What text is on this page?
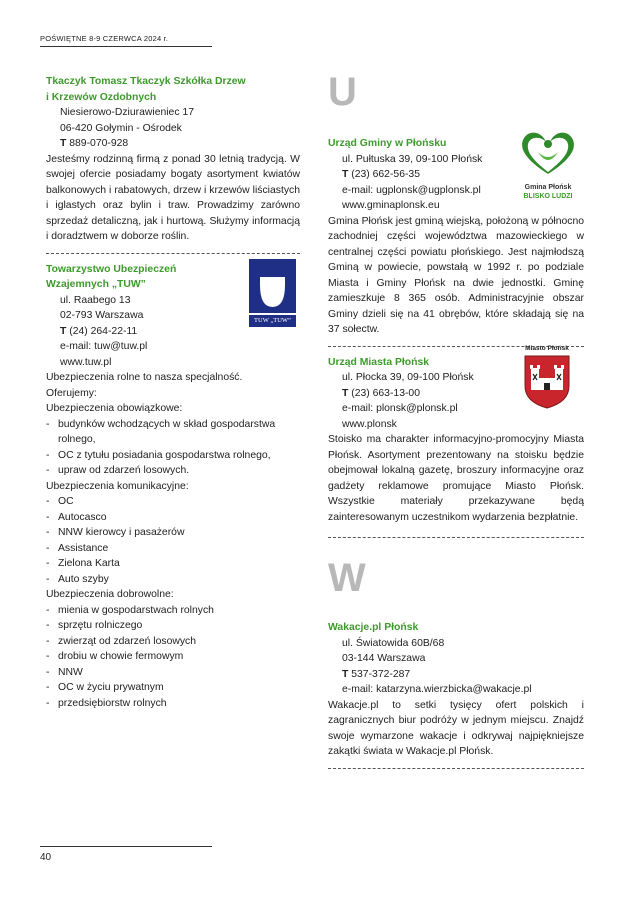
POŚWIĘTNE 8-9 CZERWCA 2024 r.
Tkaczyk Tomasz Tkaczyk Szkółka Drzew
i Krzewów Ozdobnych
Niesierowo-Dziurawieniec 17
06-420 Gołymin - Ośrodek
T 889-070-928
Jesteśmy rodzinną firmą z ponad 30 letnią tradycją. W swojej ofercie posiadamy bogaty asortyment kwiatów balkonowych i rabatowych, drzew i krzewów liściastych i iglastych oraz bylin i traw. Prowadzimy zarówno sprzedaż detaliczną, jak i hurtową. Służymy informacją i doradztwem w doborze roślin.
Towarzystwo Ubezpieczeń
Wzajemnych „TUW”
ul. Raabego 13
02-793 Warszawa
T (24) 264-22-11
e-mail: tuw@tuw.pl
www.tuw.pl
Ubezpieczenia rolne to nasza specjalność.
Oferujemy:
Ubezpieczenia obowiązkowe:
- budynków wchodzących w skład gospodarstwa
rolnego,
- OC z tytułu posiadania gospodarstwa rolnego,
- upraw od zdarzeń losowych.
Ubezpieczenia komunikacyjne:
- OC
- Autocasco
- NNW kierowcy i pasażerów
- Assistance
- Zielona Karta
- Auto szyby
Ubezpieczenia dobrowolne:
- mienia w gospodarstwach rolnych
- sprzętu rolniczego
- zwierząt od zdarzeń losowych
- drobiu w chowie fermowym
- NNW
- OC w życiu prywatnym
- przedsiębiorstw rolnych
TUW „TUW”
U
Urząd Gminy w Płońsku
ul. Pułtuska 39, 09-100 Płońsk
T (23) 662-56-35
e-mail: ugplonsk@ugplonsk.pl
www.gminaplonsk.eu
Gmina Płońsk jest gminą wiejską, położoną w północno zachodniej części województwa mazowieckiego w centralnej części powiatu płońskiego. Jest najmłodszą Gminą w powiecie, powstałą w 1992 r. po podziale Miasta i Gminy Płońsk na dwie jednostki. Gminę zamieszkuje 8 365 osób. Administracyjnie obszar Gminy dzieli się na 41 obrębów, które składają się na 37 sołectw.
Urząd Miasta Płońsk
ul. Płocka 39, 09-100 Płońsk
T (23) 663-13-00
e-mail: plonsk@plonsk.pl
www.plonsk
Stoisko ma charakter informacyjno-promocyjny Miasta Płońsk. Asortyment prezentowany na stoisku będzie obejmował lokalną gazetę, broszury informacyjne oraz gadżety reklamowe promujące Miasto Płońsk. Wszystkie materiały przekazywane będą zainteresowanym uczestnikom wydarzenia bezpłatnie.
W
Wakacje.pl Płońsk
ul. Światowida 60B/68
03-144 Warszawa
T 537-372-287
e-mail: katarzyna.wierzbicka@wakacje.pl
Wakacje.pl to setki tysięcy ofert polskich i zagranicznych biur podróży w jednym miejscu. Znajdź swoje wymarzone wakacje i odkrywaj najpiękniejsze zakątki świata w Wakacje.pl Płońsk.
Gmina Płońsk
BLISKO LUDZI
Miasto Płońsk
40
